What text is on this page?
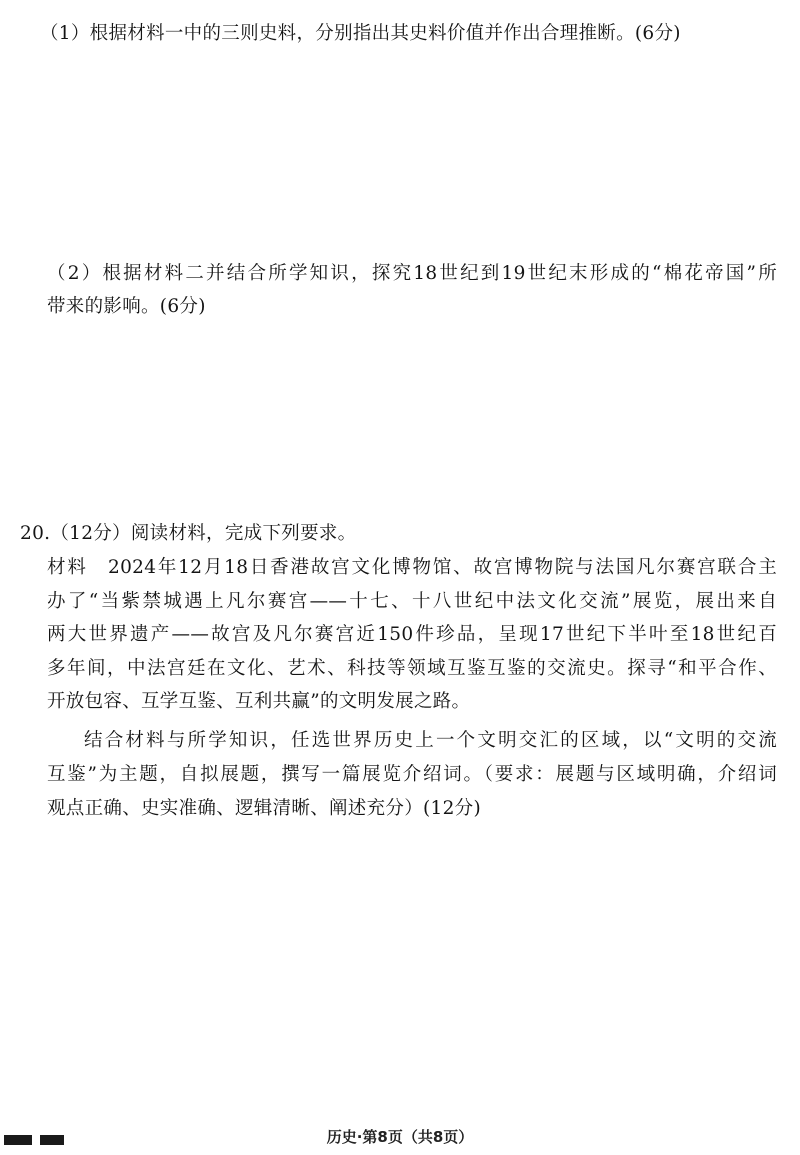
（1）根据材料一中的三则史料，分别指出其史料价值并作出合理推断。(6分)
（2）根据材料二并结合所学知识，探究18世纪到19世纪末形成的“棉花帝国”所
带来的影响。(6分)
20.（12分）阅读材料，完成下列要求。
材料　2024年12月18日香港故宫文化博物馆、故宫博物院与法国凡尔赛宫联合主
办了“当紫禁城遇上凡尔赛宫——十七、十八世纪中法文化交流”展览，展出来自
两大世界遗产——故宫及凡尔赛宫近150件珍品，呈现17世纪下半叶至18世纪百
多年间，中法宫廷在文化、艺术、科技等领域互鉴互鉴的交流史。探寻“和平合作、
开放包容、互学互鉴、互利共赢”的文明发展之路。
结合材料与所学知识，任选世界历史上一个文明交汇的区域，以“文明的交流
互鉴”为主题，自拟展题，撰写一篇展览介绍词。（要求：展题与区域明确，介绍词
观点正确、史实准确、逻辑清晰、阐述充分）(12分)
历史·第8页（共8页）
